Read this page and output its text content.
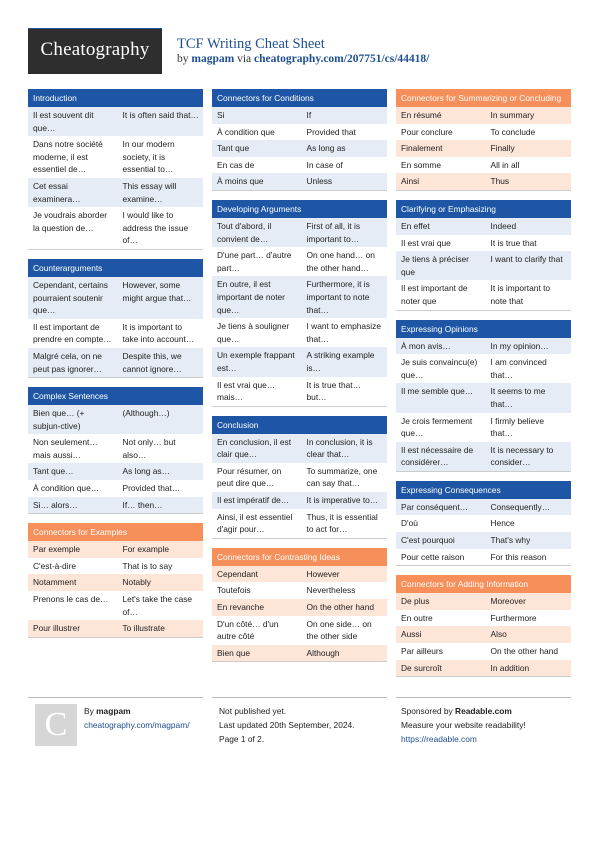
Cheatography	TCF Writing Cheat Sheet
by magpam via cheatography.com/207751/cs/44418/
Introduction
Il est souvent dit que…	It is often said that…
Dans notre société moderne, il est essentiel de…	In our modern society, it is essential to…
Cet essai examinera…	This essay will examine…
Je voudrais aborder la question de…	I would like to address the issue of…
Counterarguments
Cependant, certains pourraient soutenir que…	However, some might argue that…
Il est important de prendre en compte…	It is important to take into account…
Malgré cela, on ne peut pas ignorer…	Despite this, we cannot ignore…
Complex Sentences
Bien que… (+ subjun-ctive)	(Although…)
Non seulement… mais aussi…	Not only… but also…
Tant que…	As long as…
À condition que…	Provided that…
Si… alors…	If… then…
Connectors for Examples
Par exemple	For example
C'est-à-dire	That is to say
Notamment	Notably
Prenons le cas de…	Let's take the case of…
Pour illustrer	To illustrate
Connectors for Conditions
Si	If
À condition que	Provided that
Tant que	As long as
En cas de	In case of
À moins que	Unless
Developing Arguments
Tout d'abord, il convient de…	First of all, it is important to…
D'une part… d'autre part…	On one hand… on the other hand…
En outre, il est important de noter que…	Furthermore, it is important to note that…
Je tiens à souligner que…	I want to emphasize that…
Un exemple frappant est…	A striking example is…
Il est vrai que… mais…	It is true that… but…
Conclusion
En conclusion, il est clair que…	In conclusion, it is clear that…
Pour résumer, on peut dire que…	To summarize, one can say that…
Il est impératif de…	It is imperative to…
Ainsi, il est essentiel d'agir pour…	Thus, it is essential to act for…
Connectors for Contrasting Ideas
Cependant	However
Toutefois	Nevertheless
En revanche	On the other hand
D'un côté… d'un autre côté	On one side… on the other side
Bien que	Although
Connectors for Summarizing or Concluding
En résumé	In summary
Pour conclure	To conclude
Finalement	Finally
En somme	All in all
Ainsi	Thus
Clarifying or Emphasizing
En effet	Indeed
Il est vrai que	It is true that
Je tiens à préciser que	I want to clarify that
Il est important de noter que	It is important to note that
Expressing Opinions
À mon avis…	In my opinion…
Je suis convaincu(e) que…	I am convinced that…
Il me semble que…	It seems to me that…
Je crois fermement que…	I firmly believe that…
Il est nécessaire de considérer…	It is necessary to consider…
Expressing Consequences
Par conséquent…	Consequently…
D'où	Hence
C'est pourquoi	That's why
Pour cette raison	For this reason
Connectors for Adding Information
De plus	Moreover
En outre	Furthermore
Aussi	Also
Par ailleurs	On the other hand
De surcroît	In addition
C	By magpam
cheatography.com/magpam/
Not published yet.
Last updated 20th September, 2024.
Page 1 of 2.
Sponsored by Readable.com
Measure your website readability!
https://readable.com
